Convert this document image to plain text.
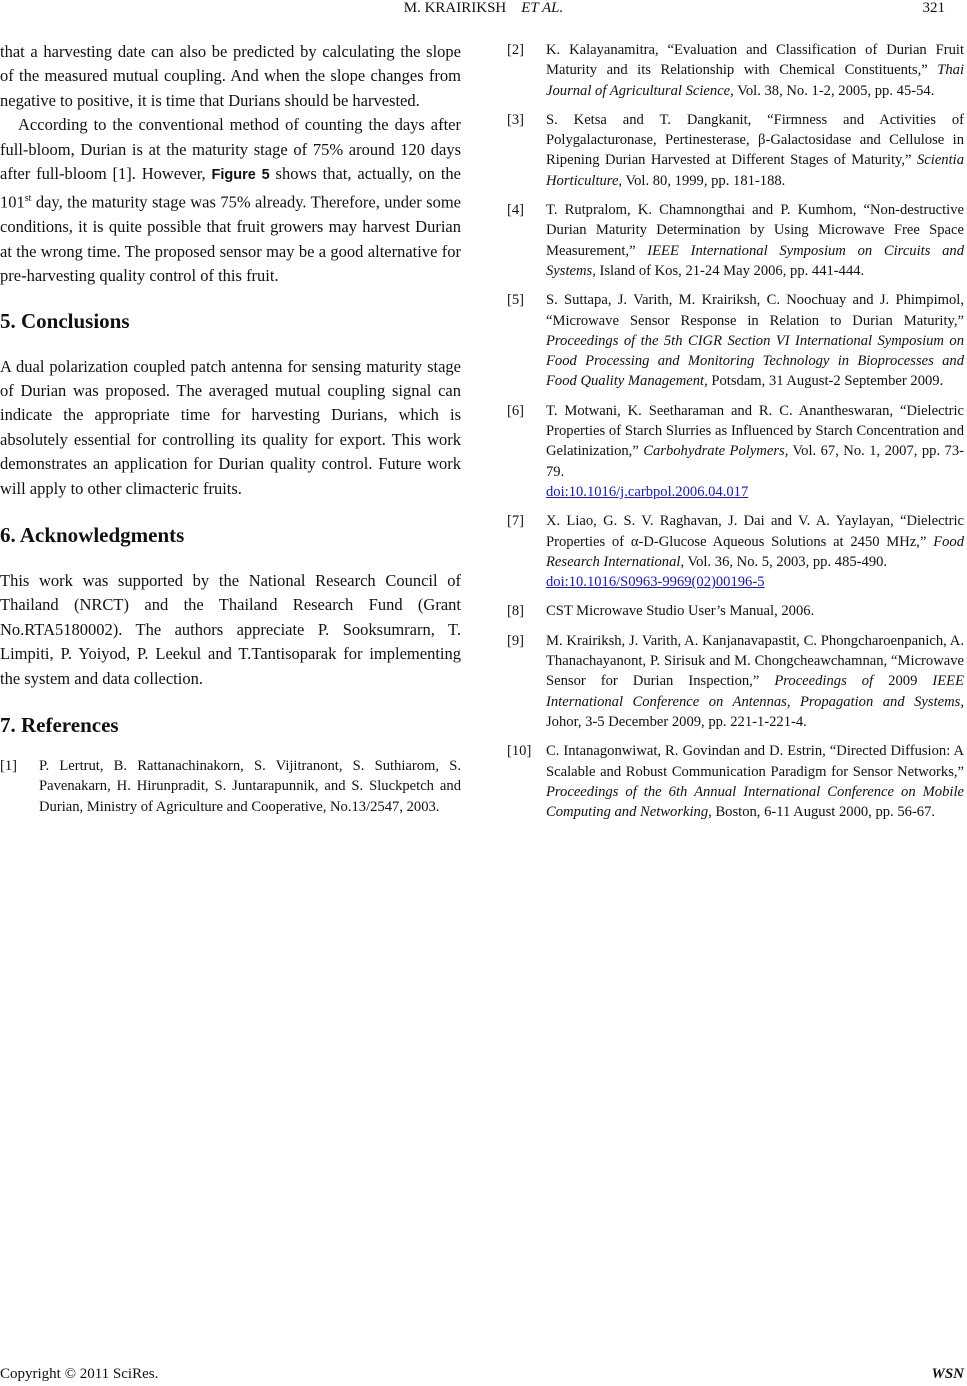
M. KRAIRIKSH ET AL.	321

that a harvesting date can also be predicted by calculating the slope of the measured mutual coupling. And when the slope changes from negative to positive, it is time that Durians should be harvested.

According to the conventional method of counting the days after full-bloom, Durian is at the maturity stage of 75% around 120 days after full-bloom [1]. However, Figure 5 shows that, actually, on the 101st day, the maturity stage was 75% already. Therefore, under some conditions, it is quite possible that fruit growers may harvest Durian at the wrong time. The proposed sensor may be a good alternative for pre-harvesting quality control of this fruit.

5. Conclusions

A dual polarization coupled patch antenna for sensing maturity stage of Durian was proposed. The averaged mutual coupling signal can indicate the appropriate time for harvesting Durians, which is absolutely essential for controlling its quality for export. This work demonstrates an application for Durian quality control. Future work will apply to other climacteric fruits.

6. Acknowledgments

This work was supported by the National Research Council of Thailand (NRCT) and the Thailand Research Fund (Grant No.RTA5180002). The authors appreciate P. Sooksumrarn, T. Limpiti, P. Yoiyod, P. Leekul and T.Tantisoparak for implementing the system and data collection.

7. References
[1]	P. Lertrut, B. Rattanachinakorn, S. Vijitranont, S. Suthiarom, S. Pavenakarn, H. Hirunpradit, S. Juntarapunnik, and S. Sluckpetch and Durian, Ministry of Agriculture and Cooperative, No.13/2547, 2003.
[2]	K. Kalayanamitra, “Evaluation and Classification of Durian Fruit Maturity and its Relationship with Chemical Constituents,” Thai Journal of Agricultural Science, Vol. 38, No. 1-2, 2005, pp. 45-54.
[3]	S. Ketsa and T. Dangkanit, “Firmness and Activities of Polygalacturonase, Pertinesterase, β-Galactosidase and Cellulose in Ripening Durian Harvested at Different Stages of Maturity,” Scientia Horticulture, Vol. 80, 1999, pp. 181-188.
[4]	T. Rutpralom, K. Chamnongthai and P. Kumhom, “Non-destructive Durian Maturity Determination by Using Microwave Free Space Measurement,” IEEE International Symposium on Circuits and Systems, Island of Kos, 21-24 May 2006, pp. 441-444.
[5]	S. Suttapa, J. Varith, M. Krairiksh, C. Noochuay and J. Phimpimol, “Microwave Sensor Response in Relation to Durian Maturity,” Proceedings of the 5th CIGR Section VI International Symposium on Food Processing and Monitoring Technology in Bioprocesses and Food Quality Management, Potsdam, 31 August-2 September 2009.
[6]	T. Motwani, K. Seetharaman and R. C. Anantheswaran, “Dielectric Properties of Starch Slurries as Influenced by Starch Concentration and Gelatinization,” Carbohydrate Polymers, Vol. 67, No. 1, 2007, pp. 73-79.
doi:10.1016/j.carbpol.2006.04.017
[7]	X. Liao, G. S. V. Raghavan, J. Dai and V. A. Yaylayan, “Dielectric Properties of α-D-Glucose Aqueous Solutions at 2450 MHz,” Food Research International, Vol. 36, No. 5, 2003, pp. 485-490.
doi:10.1016/S0963-9969(02)00196-5
[8]	CST Microwave Studio User’s Manual, 2006.
[9]	M. Krairiksh, J. Varith, A. Kanjanavapastit, C. Phongcharoenpanich, A. Thanachayanont, P. Sirisuk and M. Chongcheawchamnan, “Microwave Sensor for Durian Inspection,” Proceedings of 2009 IEEE International Conference on Antennas, Propagation and Systems, Johor, 3-5 December 2009, pp. 221-1-221-4.
[10]	C. Intanagonwiwat, R. Govindan and D. Estrin, “Directed Diffusion: A Scalable and Robust Communication Paradigm for Sensor Networks,” Proceedings of the 6th Annual International Conference on Mobile Computing and Networking, Boston, 6-11 August 2000, pp. 56-67.
Copyright © 2011 SciRes.	WSN
